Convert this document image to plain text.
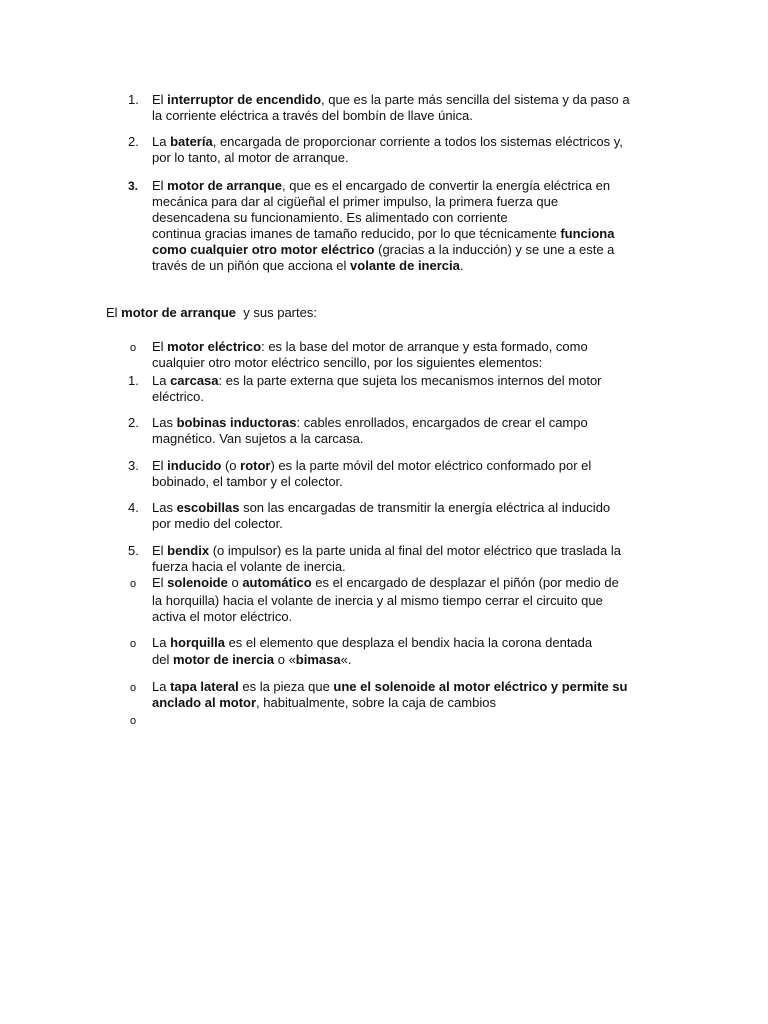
1.	El interruptor de encendido, que es la parte más sencilla del sistema y da paso a
la corriente eléctrica a través del bombín de llave única.
2.	La batería, encargada de proporcionar corriente a todos los sistemas eléctricos y,
por lo tanto, al motor de arranque.
3.	El motor de arranque, que es el encargado de convertir la energía eléctrica en
mecánica para dar al cigüeñal el primer impulso, la primera fuerza que
desencadena su funcionamiento. Es alimentado con corriente
continua gracias imanes de tamaño reducido, por lo que técnicamente funciona
como cualquier otro motor eléctrico (gracias a la inducción) y se une a este a
través de un piñón que acciona el volante de inercia.
El motor de arranque  y sus partes:
o	El motor eléctrico: es la base del motor de arranque y esta formado, como
cualquier otro motor eléctrico sencillo, por los siguientes elementos:
1.	La carcasa: es la parte externa que sujeta los mecanismos internos del motor
eléctrico.
2.	Las bobinas inductoras: cables enrollados, encargados de crear el campo
magnético. Van sujetos a la carcasa.
3.	El inducido (o rotor) es la parte móvil del motor eléctrico conformado por el
bobinado, el tambor y el colector.
4.	Las escobillas son las encargadas de transmitir la energía eléctrica al inducido
por medio del colector.
5.	El bendix (o impulsor) es la parte unida al final del motor eléctrico que traslada la
fuerza hacia el volante de inercia.
o	El solenoide o automático es el encargado de desplazar el piñón (por medio de
la horquilla) hacia el volante de inercia y al mismo tiempo cerrar el circuito que
activa el motor eléctrico.
o	La horquilla es el elemento que desplaza el bendix hacia la corona dentada
del motor de inercia o «bimasa«.
o	La tapa lateral es la pieza que une el solenoide al motor eléctrico y permite su
anclado al motor, habitualmente, sobre la caja de cambios
o
